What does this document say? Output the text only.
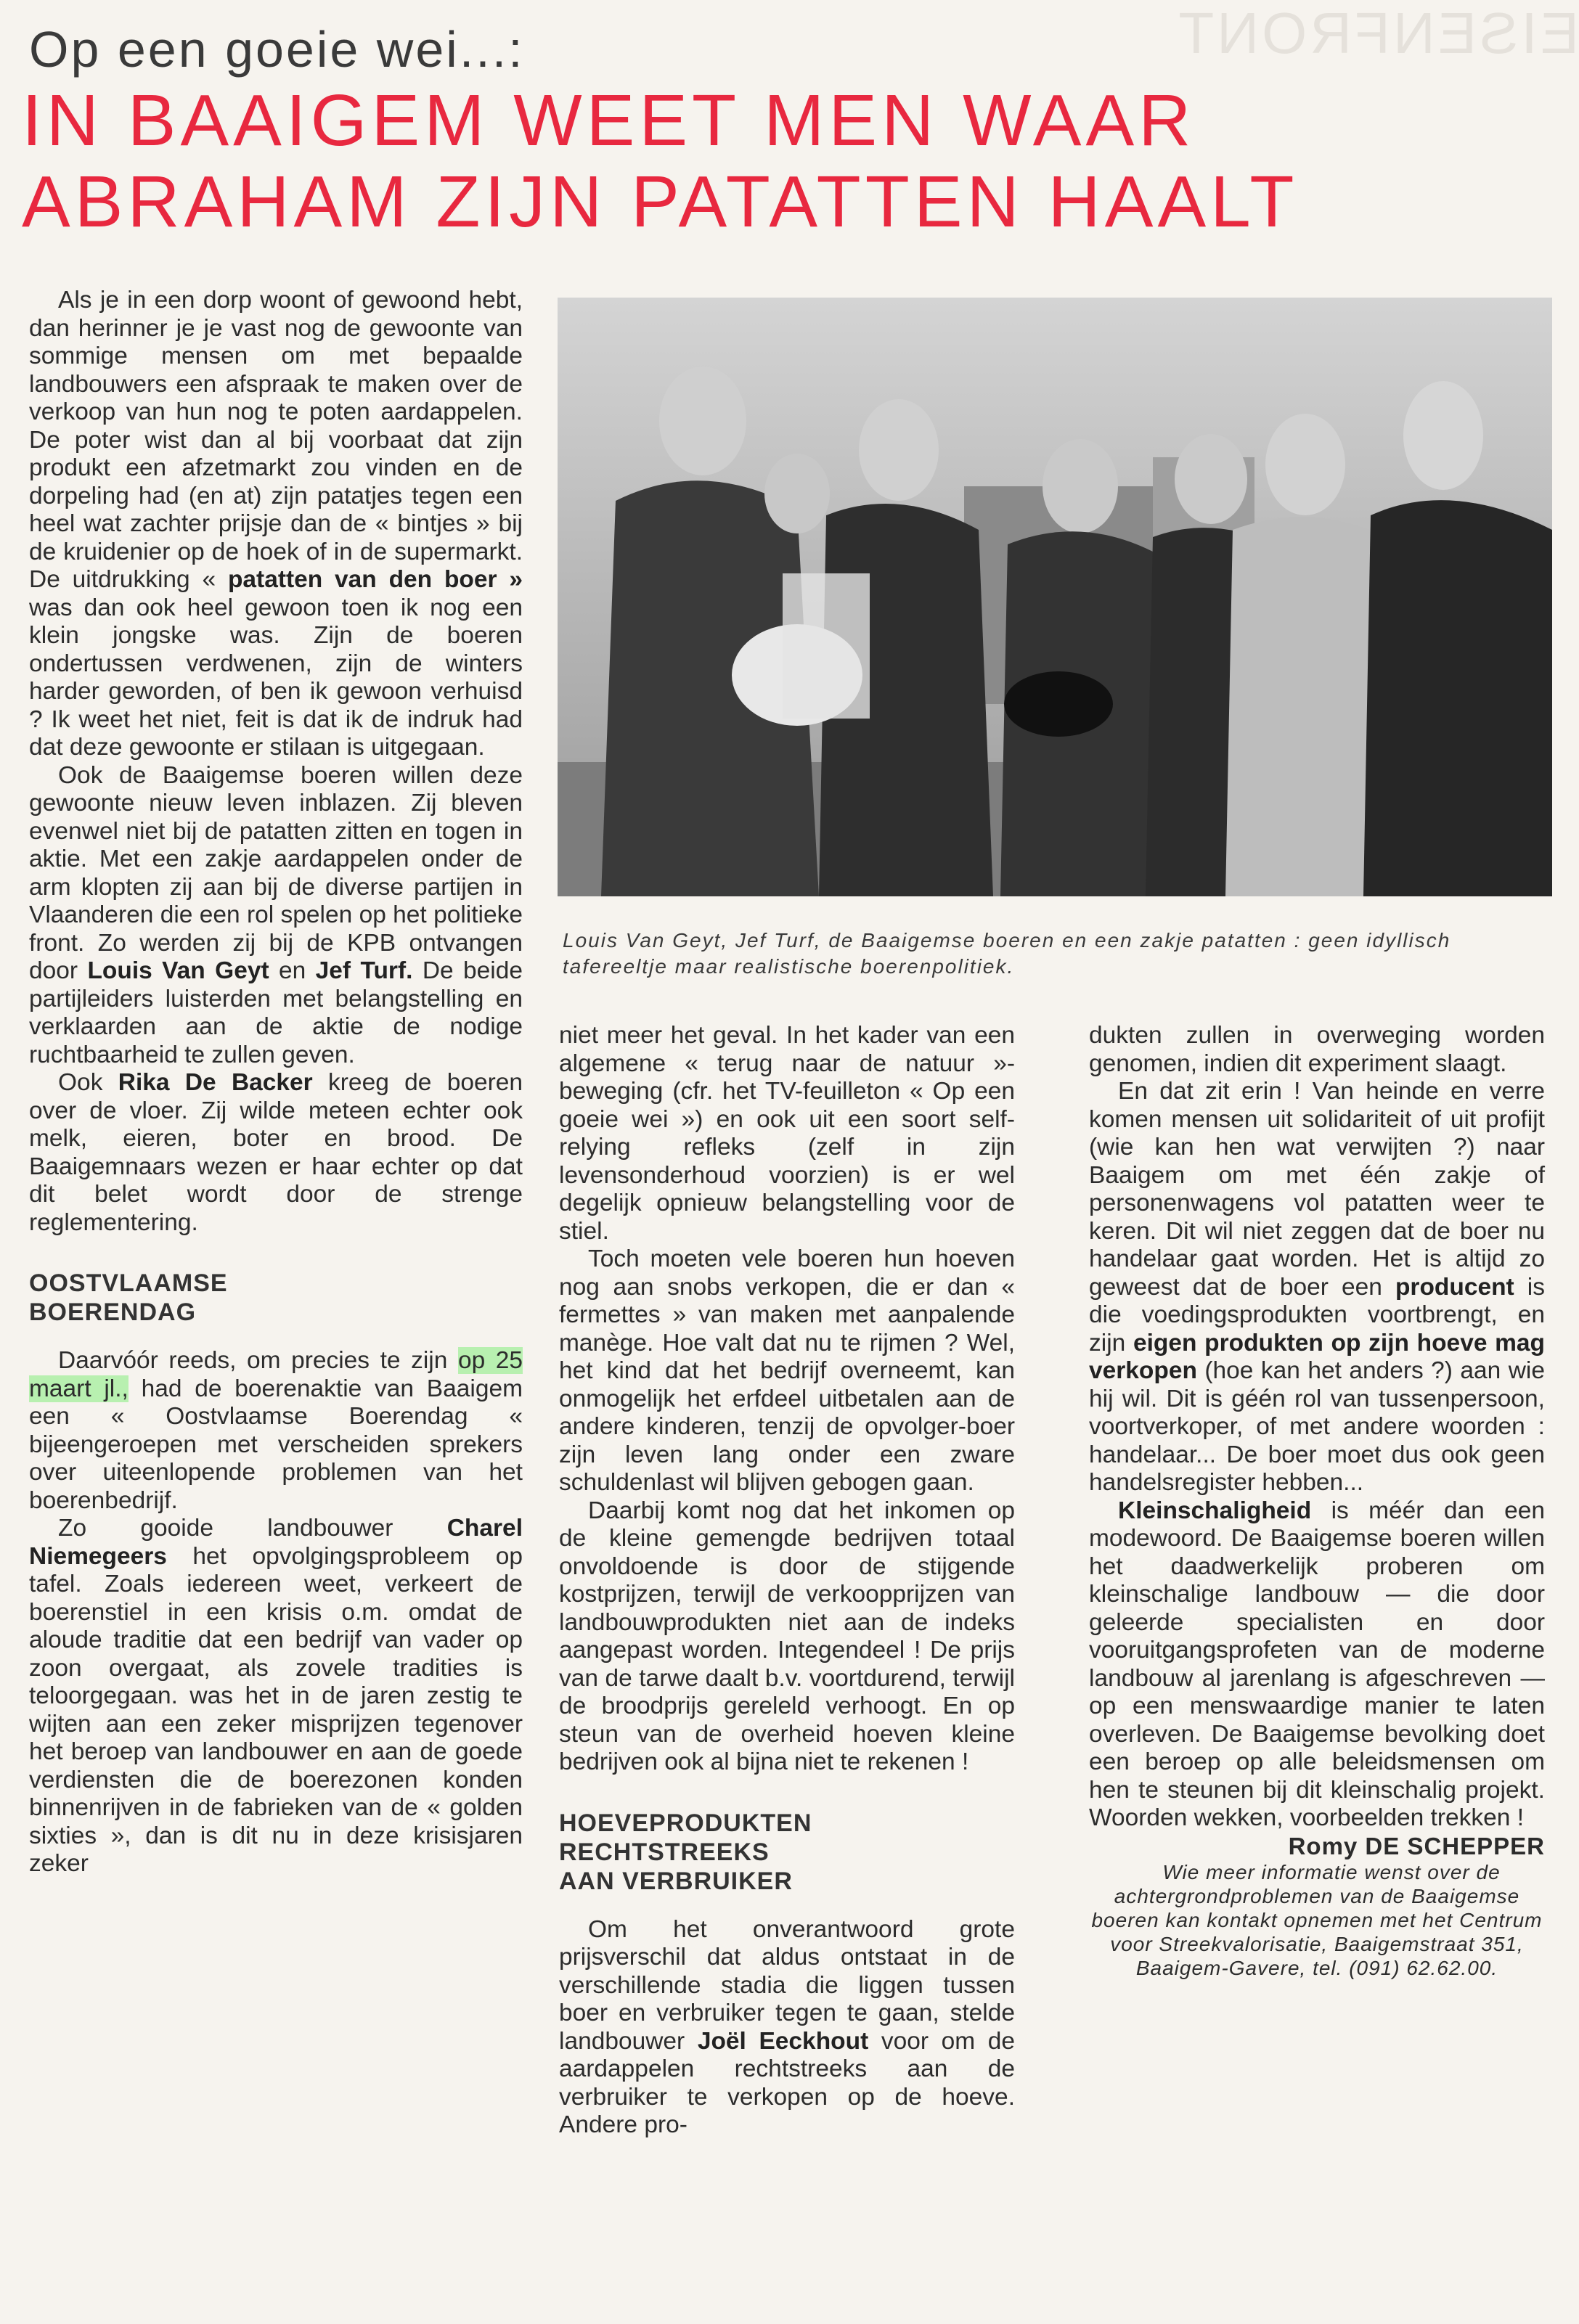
EISENFRONT
Op een goeie wei...:
IN BAAIGEM WEET MEN WAAR ABRAHAM ZIJN PATATTEN HAALT

Als je in een dorp woont of gewoond hebt, dan herinner je je vast nog de gewoonte van sommige mensen om met bepaalde landbouwers een afspraak te maken over de verkoop van hun nog te poten aardappelen. De poter wist dan al bij voorbaat dat zijn produkt een afzetmarkt zou vinden en de dorpeling had (en at) zijn patatjes tegen een heel wat zachter prijsje dan de « bintjes » bij de kruidenier op de hoek of in de supermarkt. De uitdrukking « patatten van den boer » was dan ook heel gewoon toen ik nog een klein jongske was. Zijn de boeren ondertussen verdwenen, zijn de winters harder geworden, of ben ik gewoon verhuisd ? Ik weet het niet, feit is dat ik de indruk had dat deze gewoonte er stilaan is uitgegaan.

Ook de Baaigemse boeren willen deze gewoonte nieuw leven inblazen. Zij bleven evenwel niet bij de patatten zitten en togen in aktie. Met een zakje aardappelen onder de arm klopten zij aan bij de diverse partijen in Vlaanderen die een rol spelen op het politieke front. Zo werden zij bij de KPB ontvangen door Louis Van Geyt en Jef Turf. De beide partijleiders luisterden met belangstelling en verklaarden aan de aktie de nodige ruchtbaarheid te zullen geven.

Ook Rika De Backer kreeg de boeren over de vloer. Zij wilde meteen echter ook melk, eieren, boter en brood. De Baaigemnaars wezen er haar echter op dat dit belet wordt door de strenge reglementering.

OOSTVLAAMSE
BOERENDAG

Daarvóór reeds, om precies te zijn op 25 maart jl., had de boerenaktie van Baaigem een « Oostvlaamse Boerendag « bijeengeroepen met verscheiden sprekers over uiteenlopende problemen van het boerenbedrijf.

Zo gooide landbouwer Charel Niemegeers het opvolgingsprobleem op tafel. Zoals iedereen weet, verkeert de boerenstiel in een krisis o.m. omdat de aloude traditie dat een bedrijf van vader op zoon overgaat, als zovele tradities is teloorgegaan. was het in de jaren zestig te wijten aan een zeker misprijzen tegenover het beroep van landbouwer en aan de goede verdiensten die de boerezonen konden binnenrijven in de fabrieken van de « golden sixties », dan is dit nu in deze krisisjaren zeker

Louis Van Geyt, Jef Turf, de Baaigemse boeren en een zakje patatten : geen idyllisch tafereeltje maar realistische boerenpolitiek.

niet meer het geval. In het kader van een algemene « terug naar de natuur »-beweging (cfr. het TV-feuilleton « Op een goeie wei ») en ook uit een soort self-relying refleks (zelf in zijn levensonderhoud voorzien) is er wel degelijk opnieuw belangstelling voor de stiel.

Toch moeten vele boeren hun hoeven nog aan snobs verkopen, die er dan « fermettes » van maken met aanpalende manège. Hoe valt dat nu te rijmen ? Wel, het kind dat het bedrijf overneemt, kan onmogelijk het erfdeel uitbetalen aan de andere kinderen, tenzij de opvolger-boer zijn leven lang onder een zware schuldenlast wil blijven gebogen gaan.

Daarbij komt nog dat het inkomen op de kleine gemengde bedrijven totaal onvoldoende is door de stijgende kostprijzen, terwijl de verkoopprijzen van landbouwprodukten niet aan de indeks aangepast worden. Integendeel ! De prijs van de tarwe daalt b.v. voortdurend, terwijl de broodprijs gereleld verhoogt. En op steun van de overheid hoeven kleine bedrijven ook al bijna niet te rekenen !

HOEVEPRODUKTEN
RECHTSTREEKS
AAN VERBRUIKER

Om het onverantwoord grote prijsverschil dat aldus ontstaat in de verschillende stadia die liggen tussen boer en verbruiker tegen te gaan, stelde landbouwer Joël Eeckhout voor om de aardappelen rechtstreeks aan de verbruiker te verkopen op de hoeve. Andere pro-

dukten zullen in overweging worden genomen, indien dit experiment slaagt.

En dat zit erin ! Van heinde en verre komen mensen uit solidariteit of uit profijt (wie kan hen wat verwijten ?) naar Baaigem om met één zakje of personenwagens vol patatten weer te keren. Dit wil niet zeggen dat de boer nu handelaar gaat worden. Het is altijd zo geweest dat de boer een producent is die voedingsprodukten voortbrengt, en zijn eigen produkten op zijn hoeve mag verkopen (hoe kan het anders ?) aan wie hij wil. Dit is géén rol van tussenpersoon, voortverkoper, of met andere woorden : handelaar... De boer moet dus ook geen handelsregister hebben...

Kleinschaligheid is méér dan een modewoord. De Baaigemse boeren willen het daadwerkelijk proberen om kleinschalige landbouw — die door geleerde specialisten en door vooruitgangsprofeten van de moderne landbouw al jarenlang is afgeschreven — op een menswaardige manier te laten overleven. De Baaigemse bevolking doet een beroep op alle beleidsmensen om hen te steunen bij dit kleinschalig projekt. Woorden wekken, voorbeelden trekken !

Romy DE SCHEPPER

Wie meer informatie wenst over de achtergrondproblemen van de Baaigemse boeren kan kontakt opnemen met het Centrum voor Streekvalorisatie, Baaigemstraat 351, Baaigem-Gavere, tel. (091) 62.62.00.
